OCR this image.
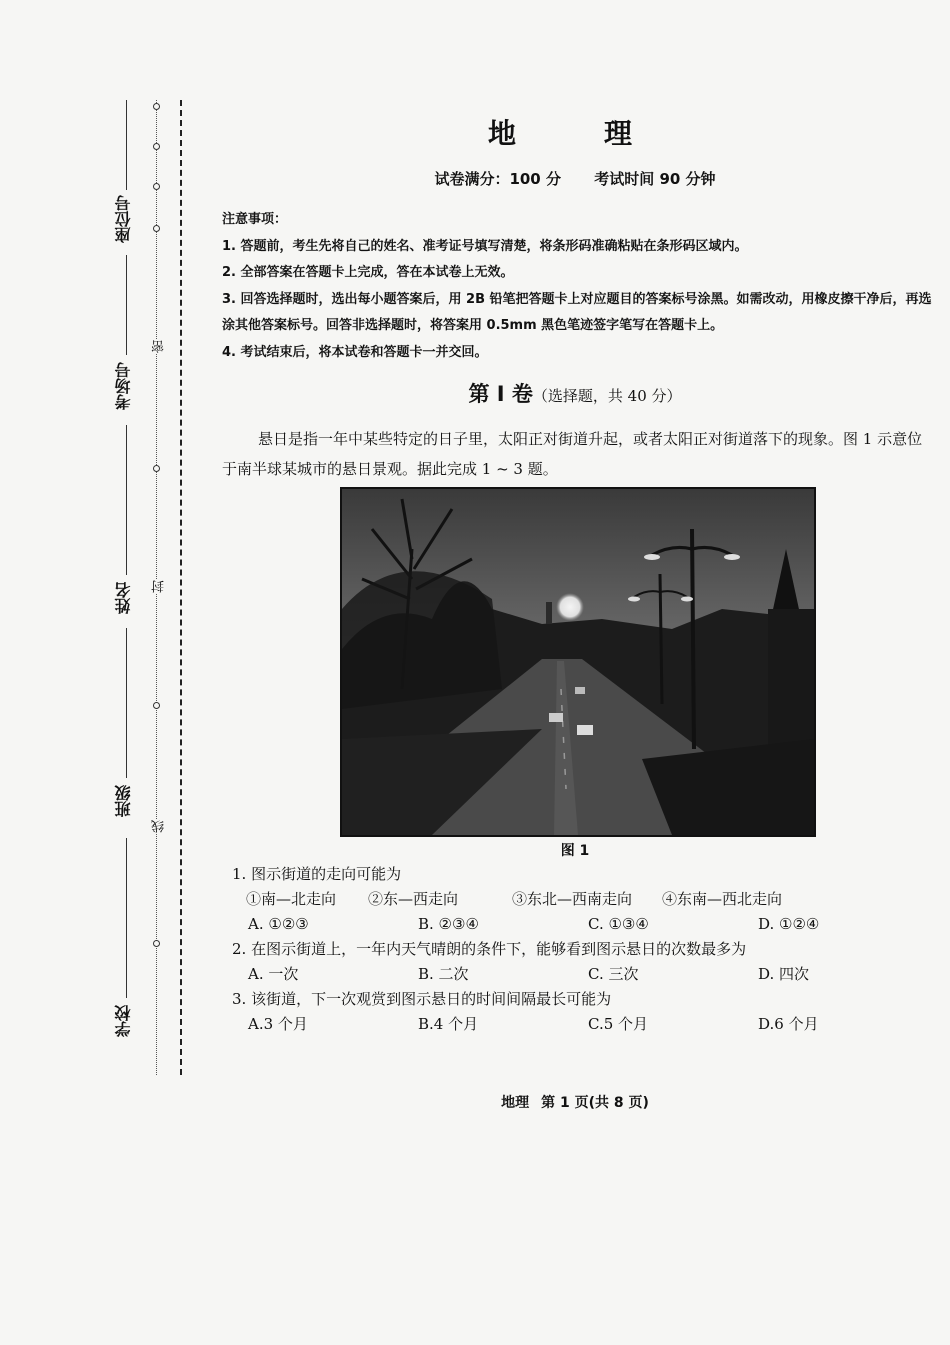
座位号
考场号
姓名
班级
学校
密
封
线
地　理
试卷满分：100 分 考试时间 90 分钟

注意事项：

1. 答题前，考生先将自己的姓名、准考证号填写清楚，将条形码准确粘贴在条形码区域内。

2. 全部答案在答题卡上完成，答在本试卷上无效。

3. 回答选择题时，选出每小题答案后，用 2B 铅笔把答题卡上对应题目的答案标号涂黑。如需改动，用橡皮擦干净后，再选涂其他答案标号。回答非选择题时，将答案用 0.5mm 黑色笔迹签字笔写在答题卡上。

4. 考试结束后，将本试卷和答题卡一并交回。

第 I 卷（选择题，共 40 分）
悬日是指一年中某些特定的日子里，太阳正对街道升起，或者太阳正对街道落下的现象。图 1 示意位于南半球某城市的悬日景观。据此完成 1 ~ 3 题。
图 1
1. 图示街道的走向可能为
①南—北走向	②东—西走向	③东北—西南走向	④东南—西北走向
A. ①②③	B. ②③④	C. ①③④	D. ①②④
2. 在图示街道上，一年内天气晴朗的条件下，能够看到图示悬日的次数最多为
A. 一次	B. 二次	C. 三次	D. 四次
3. 该街道，下一次观赏到图示悬日的时间间隔最长可能为
A.3 个月	B.4 个月	C.5 个月	D.6 个月
地理 第 1 页(共 8 页)
